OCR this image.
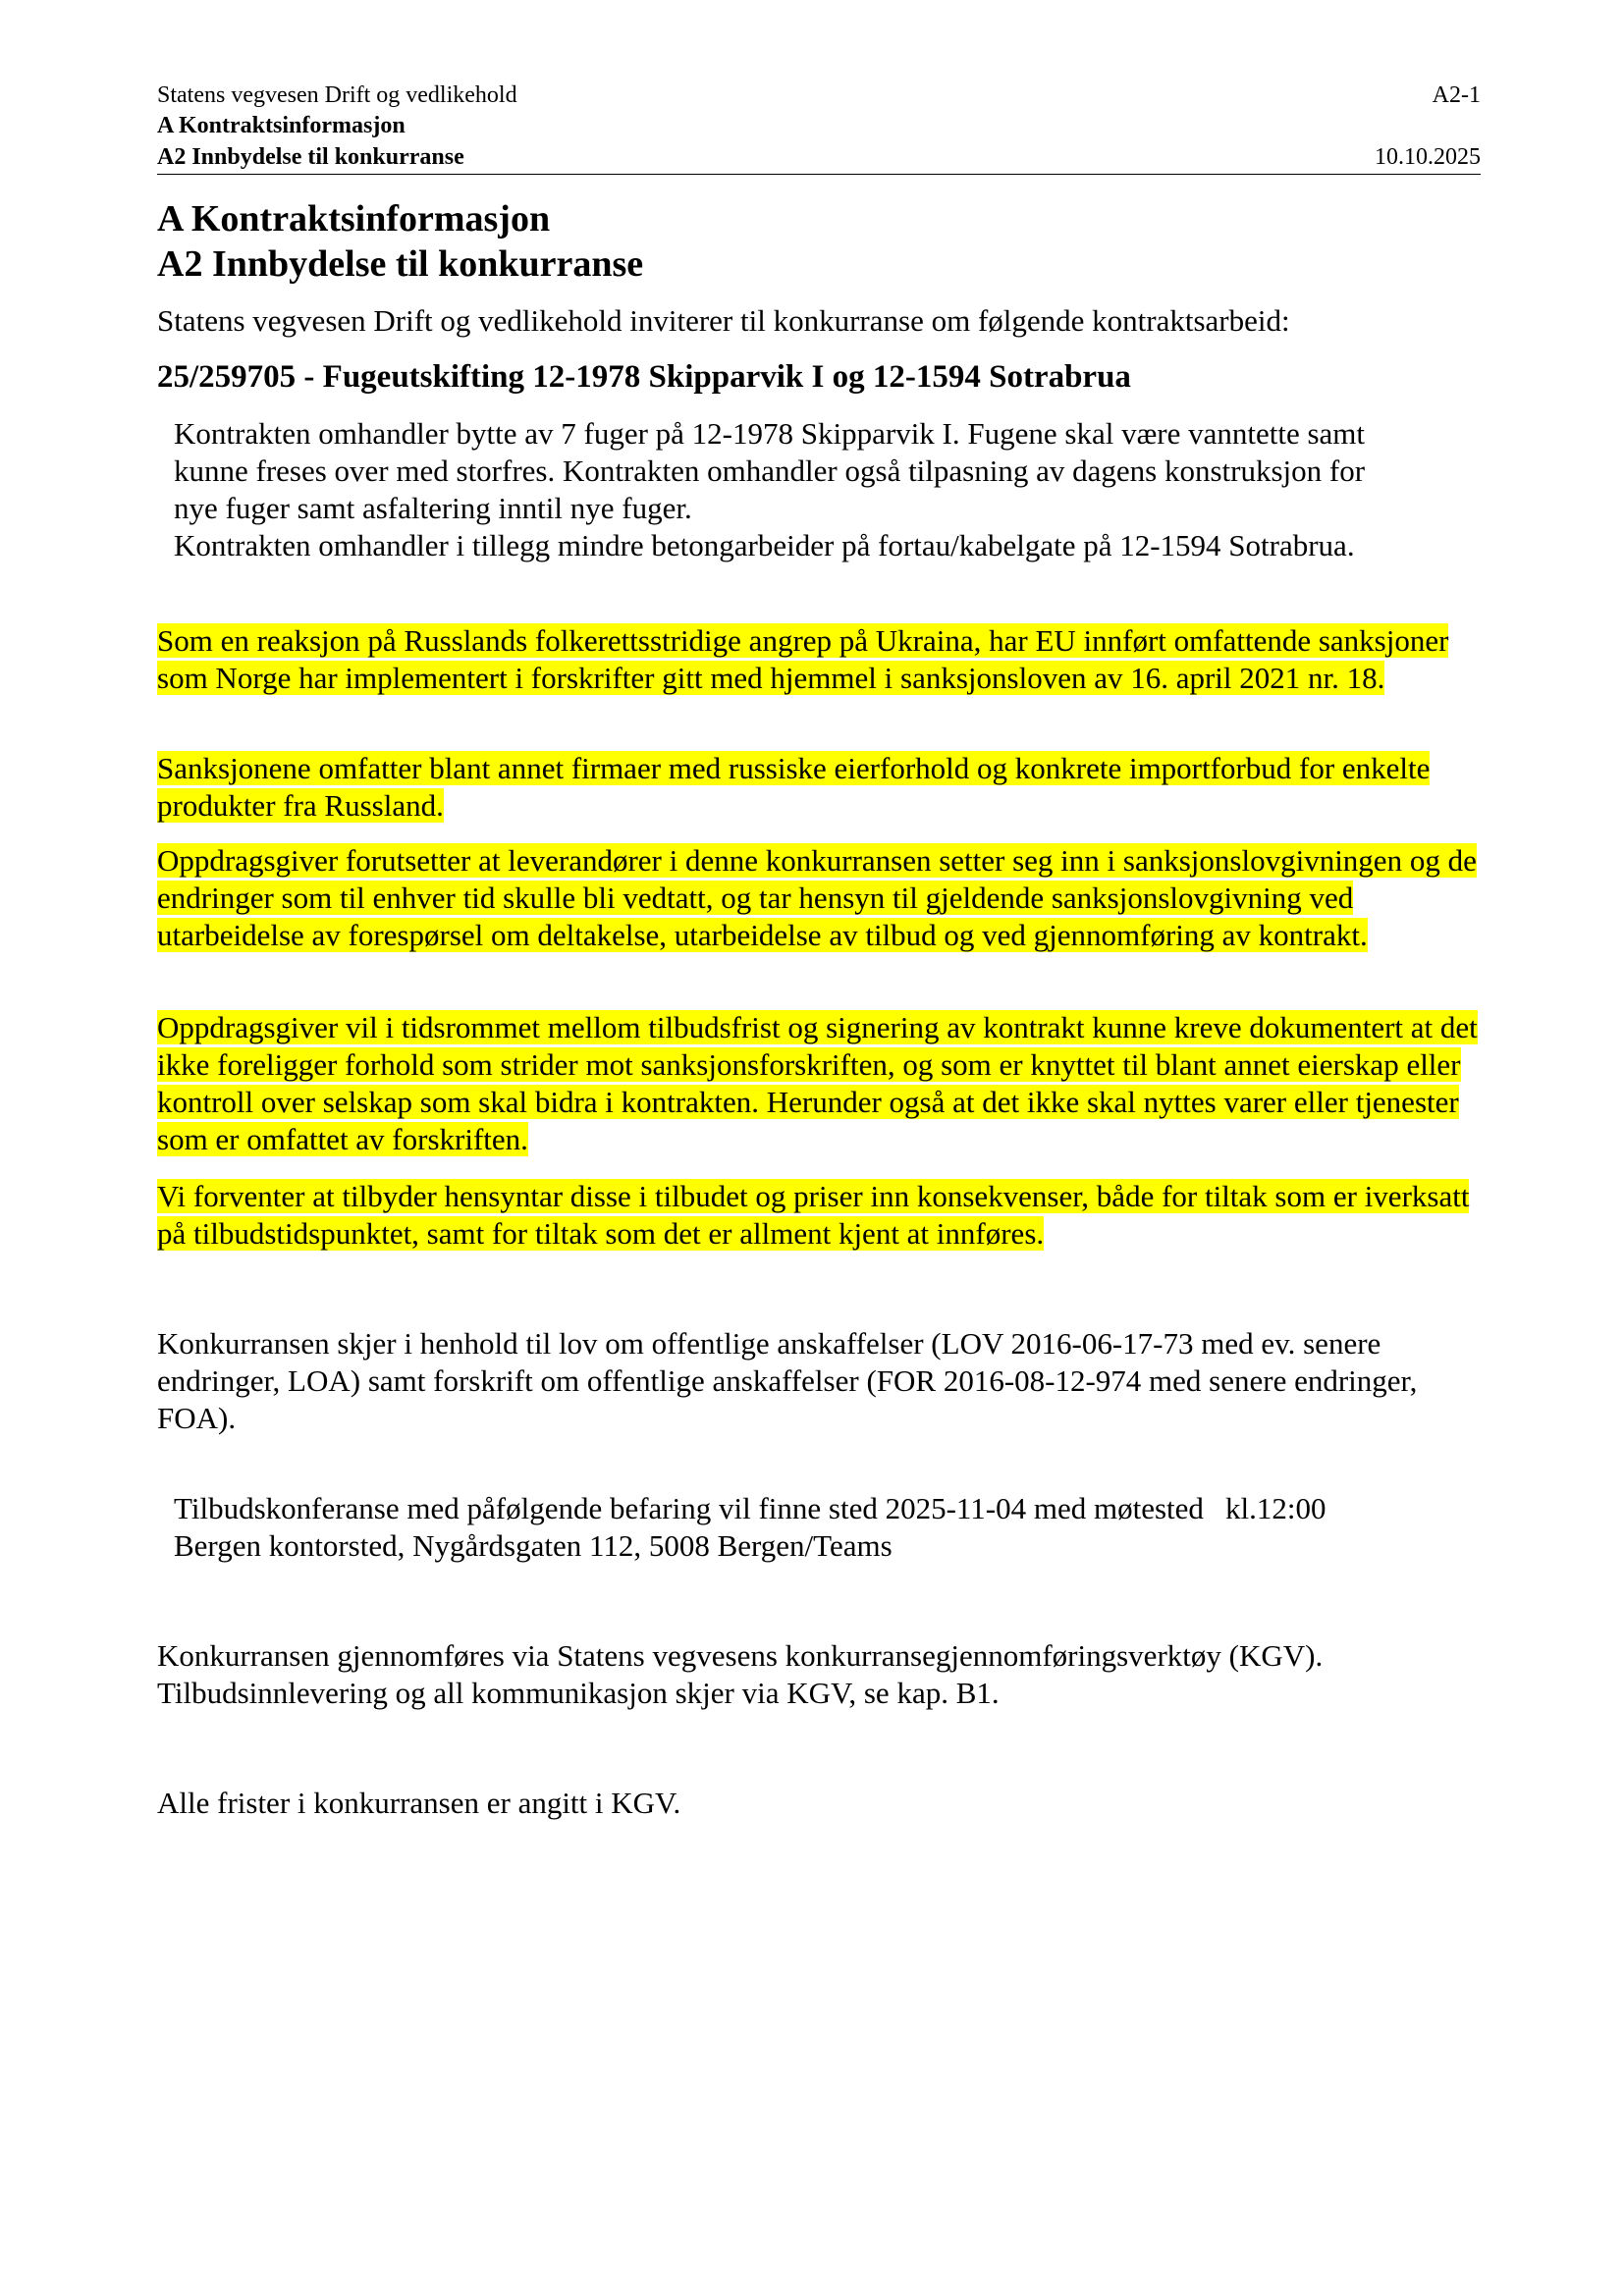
Statens vegvesen Drift og vedlikehold	A2-1
A Kontraktsinformasjon
A2 Innbydelse til konkurranse	10.10.2025
A Kontraktsinformasjon
A2 Innbydelse til konkurranse

Statens vegvesen Drift og vedlikehold inviterer til konkurranse om følgende kontraktsarbeid:

25/259705 - Fugeutskifting 12-1978 Skipparvik I og 12-1594 Sotrabrua

Kontrakten omhandler bytte av 7 fuger på 12-1978 Skipparvik I. Fugene skal være vanntette samt
kunne freses over med storfres. Kontrakten omhandler også tilpasning av dagens konstruksjon for
nye fuger samt asfaltering inntil nye fuger.
Kontrakten omhandler i tillegg mindre betongarbeider på fortau/kabelgate på 12-1594 Sotrabrua.
Som en reaksjon på Russlands folkerettsstridige angrep på Ukraina, har EU innført omfattende sanksjoner som Norge har implementert i forskrifter gitt med hjemmel i sanksjonsloven av 16. april 2021 nr. 18.
Sanksjonene omfatter blant annet firmaer med russiske eierforhold og konkrete importforbud for enkelte produkter fra Russland.
Oppdragsgiver forutsetter at leverandører i denne konkurransen setter seg inn i sanksjonslovgivningen og de endringer som til enhver tid skulle bli vedtatt, og tar hensyn til gjeldende sanksjonslovgivning ved utarbeidelse av forespørsel om deltakelse, utarbeidelse av tilbud og ved gjennomføring av kontrakt.
Oppdragsgiver vil i tidsrommet mellom tilbudsfrist og signering av kontrakt kunne kreve dokumentert at det ikke foreligger forhold som strider mot sanksjonsforskriften, og som er knyttet til blant annet eierskap eller kontroll over selskap som skal bidra i kontrakten. Herunder også at det ikke skal nyttes varer eller tjenester som er omfattet av forskriften.
Vi forventer at tilbyder hensyntar disse i tilbudet og priser inn konsekvenser, både for tiltak som er iverksatt på tilbudstidspunktet, samt for tiltak som det er allment kjent at innføres.

Konkurransen skjer i henhold til lov om offentlige anskaffelser (LOV 2016-06-17-73 med ev. senere endringer, LOA) samt forskrift om offentlige anskaffelser (FOR 2016-08-12-974 med senere endringer, FOA).

Tilbudskonferanse med påfølgende befaring vil finne sted 2025-11-04 med møtested Bergen kontorsted, Nygårdsgaten 112, 5008 Bergen/Teams

kl.12:00

Konkurransen gjennomføres via Statens vegvesens konkurransegjennomføringsverktøy (KGV). Tilbudsinnlevering og all kommunikasjon skjer via KGV, se kap. B1.

Alle frister i konkurransen er angitt i KGV.
